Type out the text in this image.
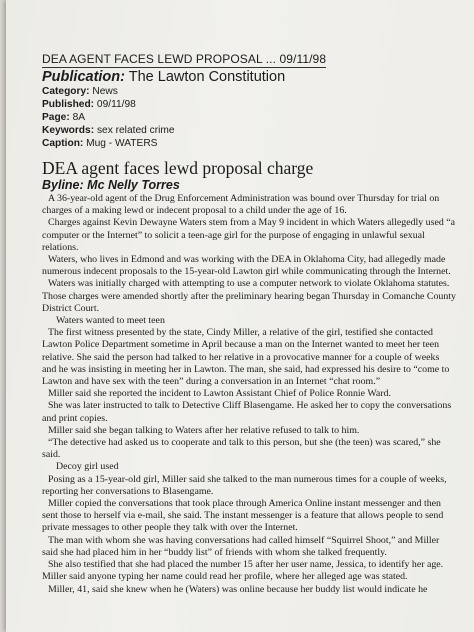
DEA AGENT FACES LEWD PROPOSAL ... 09/11/98
Publication: The Lawton Constitution
Category: News
Published: 09/11/98
Page: 8A
Keywords: sex related crime
Caption: Mug - WATERS
DEA agent faces lewd proposal charge
Byline: Mc Nelly Torres

A 36-year-old agent of the Drug Enforcement Administration was bound over Thursday for trial on charges of a making lewd or indecent proposal to a child under the age of 16.

Charges against Kevin Dewayne Waters stem from a May 9 incident in which Waters allegedly used “a computer or the Internet” to solicit a teen-age girl for the purpose of engaging in unlawful sexual relations.

Waters, who lives in Edmond and was working with the DEA in Oklahoma City, had allegedly made numerous indecent proposals to the 15-year-old Lawton girl while communicating through the Internet.

Waters was initially charged with attempting to use a computer network to violate Oklahoma statutes. Those charges were amended shortly after the preliminary hearing began Thursday in Comanche County District Court.

Waters wanted to meet teen

The first witness presented by the state, Cindy Miller, a relative of the girl, testified she contacted Lawton Police Department sometime in April because a man on the Internet wanted to meet her teen relative. She said the person had talked to her relative in a provocative manner for a couple of weeks and he was insisting in meeting her in Lawton. The man, she said, had expressed his desire to “come to Lawton and have sex with the teen” during a conversation in an Internet “chat room.”

Miller said she reported the incident to Lawton Assistant Chief of Police Ronnie Ward.

She was later instructed to talk to Detective Cliff Blasengame. He asked her to copy the conversations and print copies.

Miller said she began talking to Waters after her relative refused to talk to him.

“The detective had asked us to cooperate and talk to this person, but she (the teen) was scared,” she said.

Decoy girl used

Posing as a 15-year-old girl, Miller said she talked to the man numerous times for a couple of weeks, reporting her conversations to Blasengame.

Miller copied the conversations that took place through America Online instant messenger and then sent those to herself via e-mail, she said. The instant messenger is a feature that allows people to send private messages to other people they talk with over the Internet.

The man with whom she was having conversations had called himself “Squirrel Shoot,” and Miller said she had placed him in her “buddy list” of friends with whom she talked frequently.

She also testified that she had placed the number 15 after her user name, Jessica, to identify her age. Miller said anyone typing her name could read her profile, where her alleged age was stated.

Miller, 41, said she knew when he (Waters) was online because her buddy list would indicate he
